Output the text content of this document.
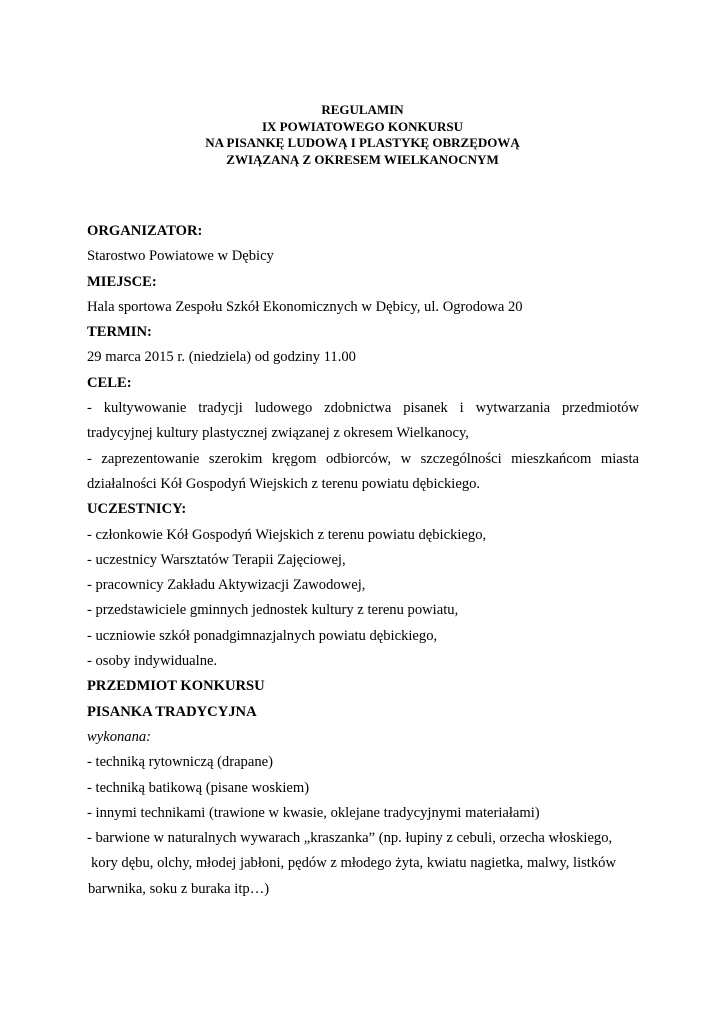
REGULAMIN
IX POWIATOWEGO KONKURSU
NA PISANKĘ LUDOWĄ I PLASTYKĘ OBRZĘDOWĄ
ZWIĄZANĄ Z OKRESEM WIELKANOCNYM
ORGANIZATOR:
Starostwo Powiatowe w Dębicy
MIEJSCE:
Hala sportowa Zespołu Szkół Ekonomicznych w Dębicy, ul. Ogrodowa 20
TERMIN:
29 marca 2015 r. (niedziela) od godziny 11.00
CELE:
- kultywowanie tradycji ludowego zdobnictwa pisanek i wytwarzania przedmiotów
tradycyjnej kultury plastycznej związanej z okresem Wielkanocy,
- zaprezentowanie szerokim kręgom odbiorców, w szczególności mieszkańcom miasta
działalności Kół Gospodyń Wiejskich z terenu powiatu dębickiego.
UCZESTNICY:
- członkowie Kół Gospodyń Wiejskich z terenu powiatu dębickiego,
- uczestnicy Warsztatów Terapii Zajęciowej,
- pracownicy Zakładu Aktywizacji Zawodowej,
- przedstawiciele gminnych jednostek kultury z terenu powiatu,
- uczniowie szkół ponadgimnazjalnych powiatu dębickiego,
- osoby indywidualne.
PRZEDMIOT KONKURSU
PISANKA TRADYCYJNA
wykonana:
- techniką rytowniczą (drapane)
- techniką batikową (pisane woskiem)
- innymi technikami (trawione w kwasie, oklejane tradycyjnymi materiałami)
- barwione w naturalnych wywarach „kraszanka” (np. łupiny z cebuli, orzecha włoskiego,
kory dębu, olchy, młodej jabłoni, pędów z młodego żyta, kwiatu nagietka, malwy, listków
barwnika, soku z buraka itp…)
